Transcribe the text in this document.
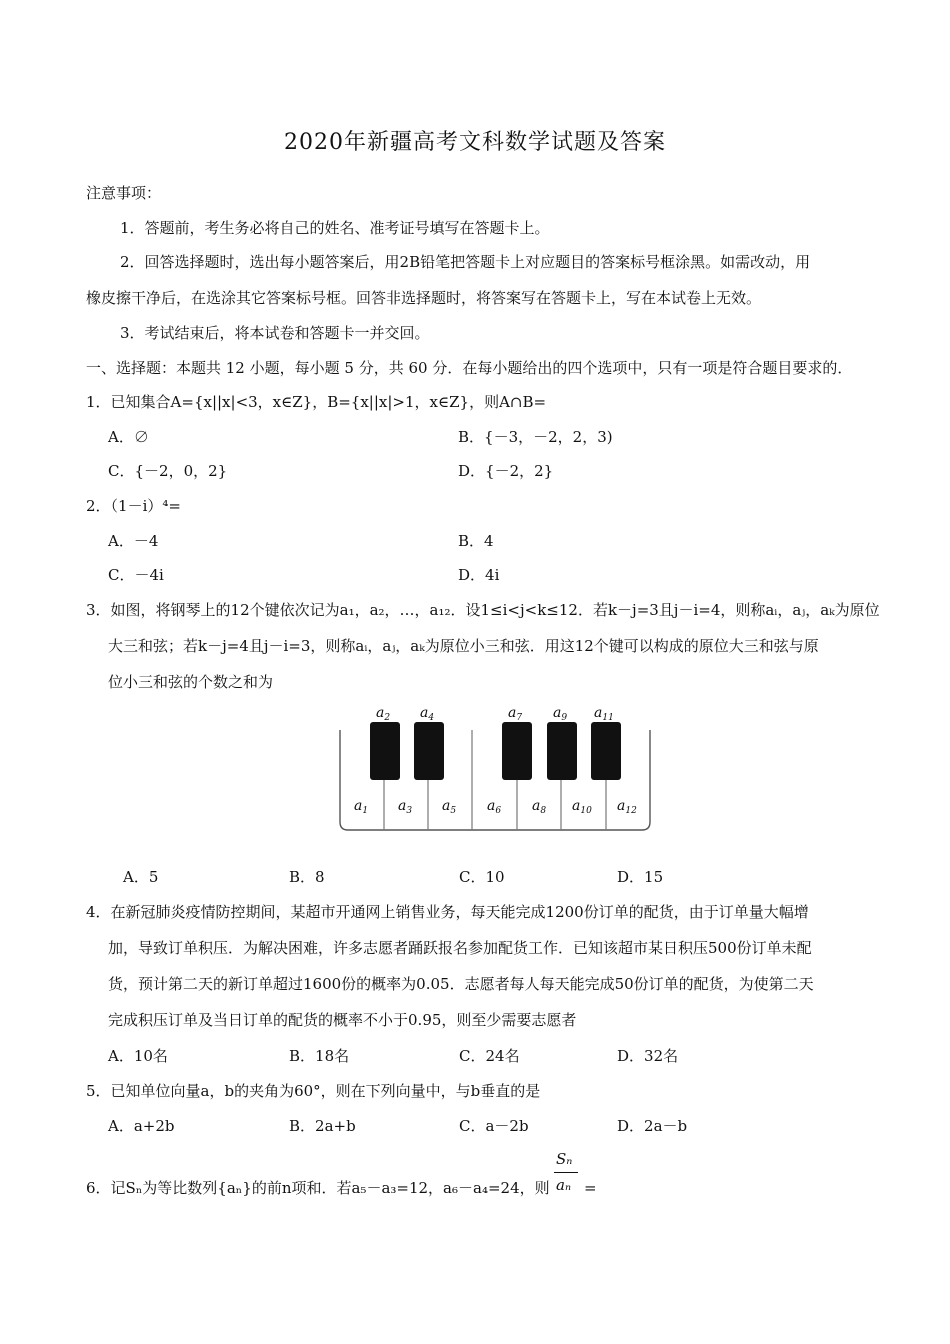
2020年新疆高考文科数学试题及答案
注意事项：
1．答题前，考生务必将自己的姓名、准考证号填写在答题卡上。
2．回答选择题时，选出每小题答案后，用2B铅笔把答题卡上对应题目的答案标号框涂黑。如需改动，用
橡皮擦干净后，在选涂其它答案标号框。回答非选择题时，将答案写在答题卡上，写在本试卷上无效。
3．考试结束后，将本试卷和答题卡一并交回。
一、选择题：本题共 12 小题，每小题 5 分，共 60 分．在每小题给出的四个选项中，只有一项是符合题目要求的．
1．已知集合A={x||x|<3，x∈Z}，B={x||x|>1，x∈Z}，则A∩B=
A．∅	B．{－3，－2，2，3)
C．{－2，0，2}	D．{－2，2}
2．（1－i）⁴=
A．－4	B．4
C．－4i	D．4i
3．如图，将钢琴上的12个键依次记为a₁，a₂，…，a₁₂．设1≤i<j<k≤12．若k－j=3且j－i=4，则称aᵢ，aⱼ，aₖ为原位
大三和弦；若k－j=4且j－i=3，则称aᵢ，aⱼ，aₖ为原位小三和弦．用这12个键可以构成的原位大三和弦与原
位小三和弦的个数之和为
$a_2$ $a_4$	$a_7$ $a_9$ $a_{11}$
$a_1$ $a_3$ $a_5$ $a_6$ $a_8$ $a_{10}$ $a_{12}$
A．5	B．8	C．10	D．15
4．在新冠肺炎疫情防控期间，某超市开通网上销售业务，每天能完成1200份订单的配货，由于订单量大幅增
加，导致订单积压．为解决困难，许多志愿者踊跃报名参加配货工作．已知该超市某日积压500份订单未配
货，预计第二天的新订单超过1600份的概率为0.05．志愿者每人每天能完成50份订单的配货，为使第二天
完成积压订单及当日订单的配货的概率不小于0.95，则至少需要志愿者
A．10名	B．18名	C．24名	D．32名
5．已知单位向量a，b的夹角为60°，则在下列向量中，与b垂直的是
A．a+2b	B．2a+b	C．a－2b	D．2a－b
6．记Sₙ为等比数列{aₙ}的前n项和．若a₅－a₃=12，a₆－a₄=24，则
Sₙ
aₙ =
